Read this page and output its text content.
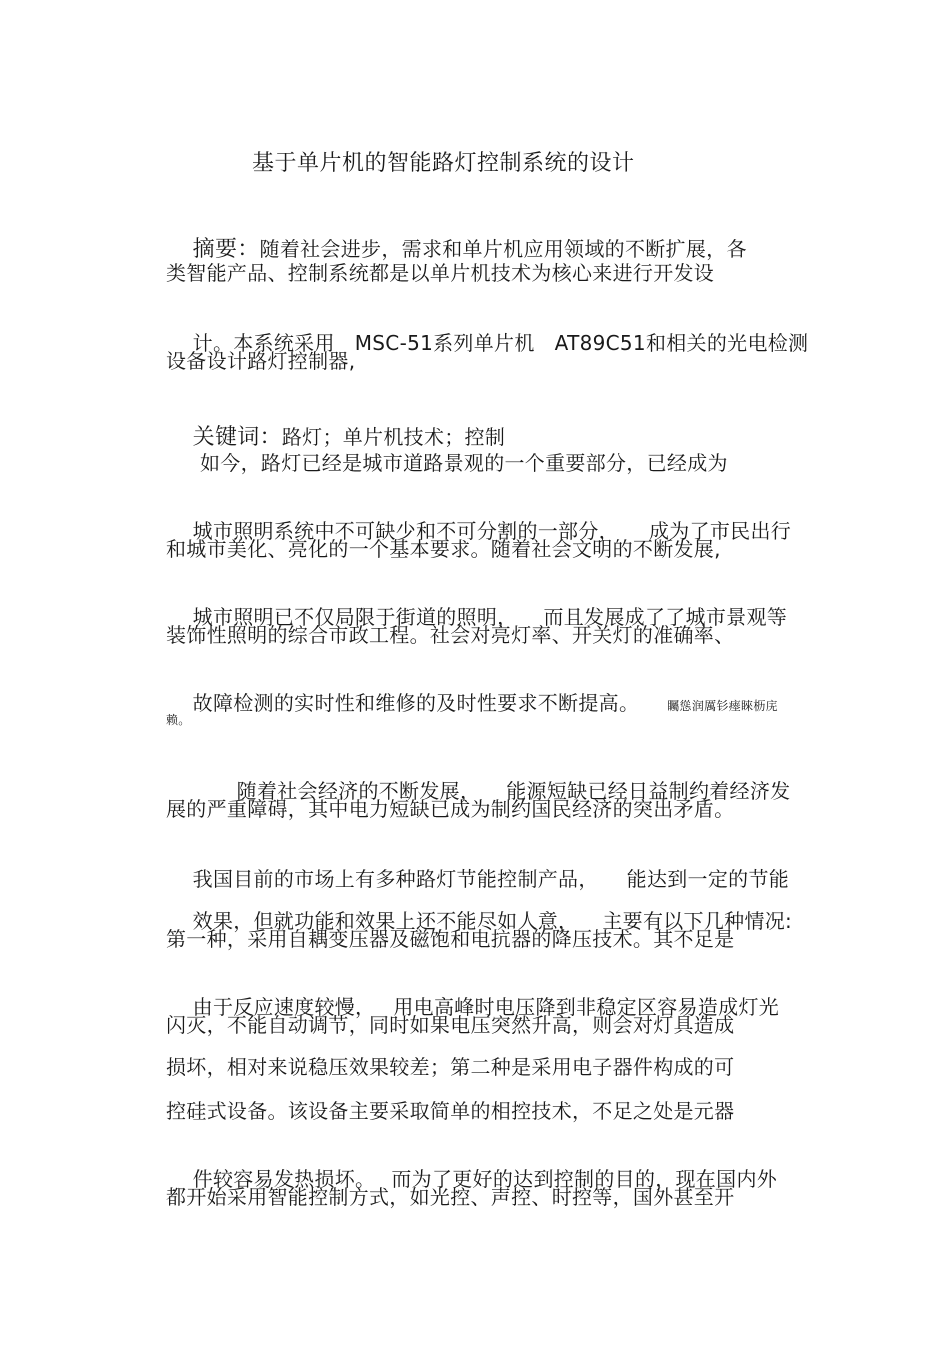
基于单片机的智能路灯控制系统的设计

摘要：随着社会进步，需求和单片机应用领域的不断扩展，各

类智能产品、控制系统都是以单片机技术为核心来进行开发设

计。本系统采用 MSC-51系列单片机 AT89C51和相关的光电检测

设备设计路灯控制器,

关键词：路灯；单片机技术；控制

如今，路灯已经是城市道路景观的一个重要部分，已经成为

城市照明系统中不可缺少和不可分割的一部分， 成为了市民出行

和城市美化、亮化的一个基本要求。随着社会文明的不断发展,

城市照明已不仅局限于街道的照明， 而且发展成了了城市景观等

装饰性照明的综合市政工程。社会对亮灯率、开关灯的准确率、

故障检测的实时性和维修的及时性要求不断提高。 矚慫润厲钐瘗睞枥庑

赖。

随着社会经济的不断发展， 能源短缺已经日益制约着经济发

展的严重障碍，其中电力短缺已成为制约国民经济的突出矛盾。

我国目前的市场上有多种路灯节能控制产品， 能达到一定的节能

效果，但就功能和效果上还不能尽如人意， 主要有以下几种情况:

第一种，采用自耦变压器及磁饱和电抗器的降压技术。其不足是

由于反应速度较慢， 用电高峰时电压降到非稳定区容易造成灯光

闪灭，不能自动调节，同时如果电压突然升高，则会对灯具造成
损坏，相对来说稳压效果较差；第二种是采用电子器件构成的可
控硅式设备。该设备主要采取简单的相控技术，不足之处是元器

件较容易发热损坏。 而为了更好的达到控制的目的，现在国内外

都开始采用智能控制方式，如光控、声控、时控等，国外甚至开
